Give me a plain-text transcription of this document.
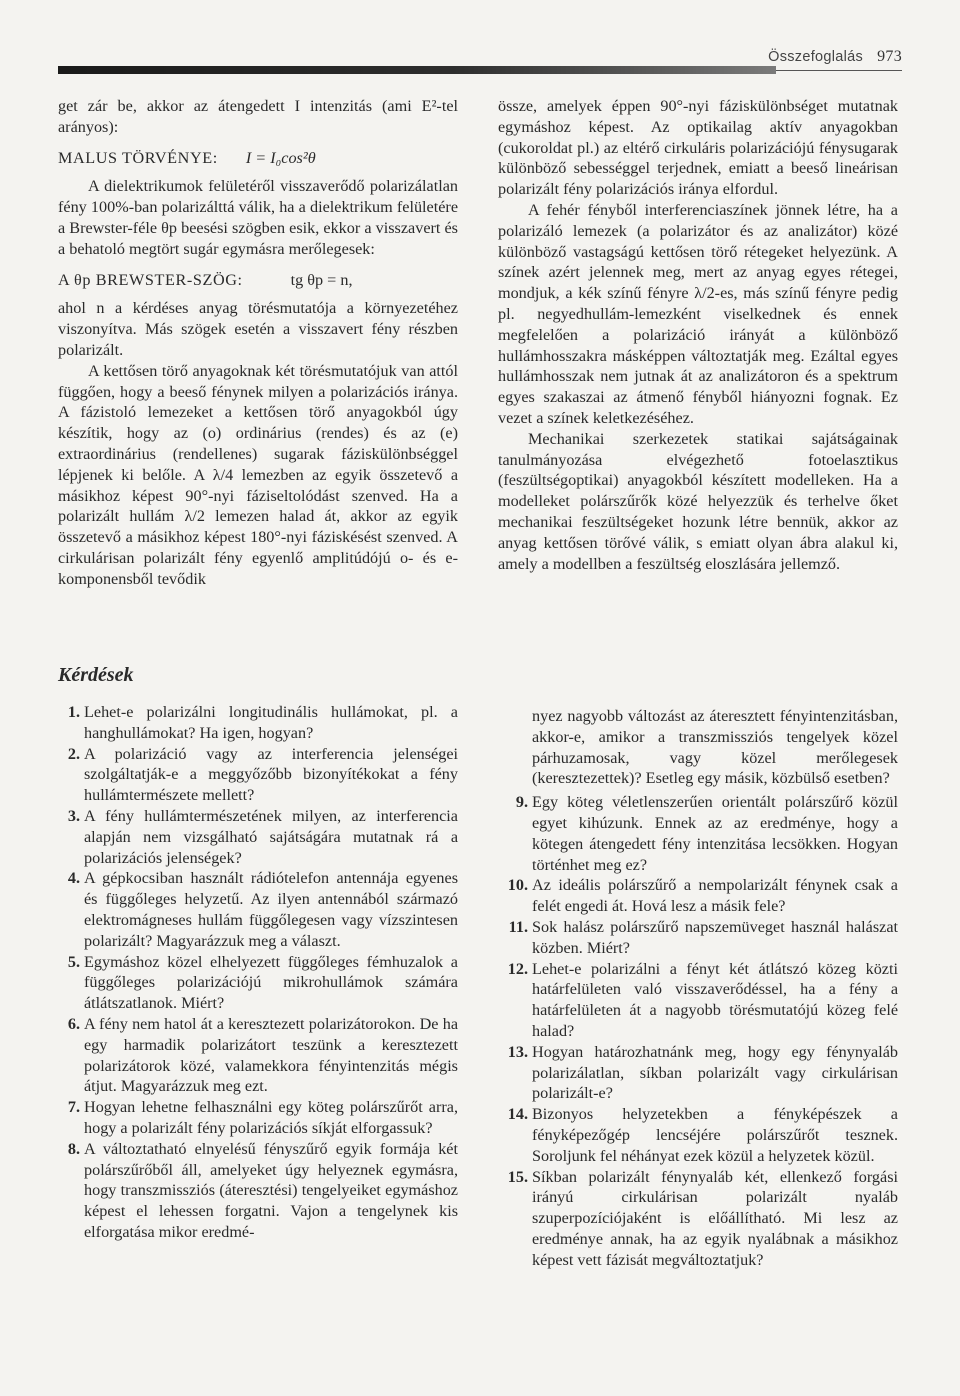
Összefoglalás 973

get zár be, akkor az átengedett I intenzitás (ami E²-tel arányos):

MALUS TÖRVÉNYE: I = I₀cos²θ

A dielektrikumok felületéről visszaverődő polarizálatlan fény 100%-ban polarizálttá válik, ha a dielektrikum felületére a Brewster-féle θp beesési szögben esik, ekkor a visszavert és a behatoló megtört sugár egymásra merőlegesek:

A θp BREWSTER-SZÖG:	tg θp = n,

ahol n a kérdéses anyag törésmutatója a környezetéhez viszonyítva. Más szögek esetén a visszavert fény részben polarizált.

A kettősen törő anyagoknak két törésmutatójuk van attól függően, hogy a beeső fénynek milyen a polarizációs iránya. A fázistoló lemezeket a kettősen törő anyagokból úgy készítik, hogy az (o) ordinárius (rendes) és az (e) extraordinárius (rendellenes) sugarak fáziskülönbséggel lépjenek ki belőle. A λ/4 lemezben az egyik összetevő a másikhoz képest 90°-nyi fáziseltolódást szenved. Ha a polarizált hullám λ/2 lemezen halad át, akkor az egyik összetevő a másikhoz képest 180°-nyi fáziskésést szenved. A cirkulárisan polarizált fény egyenlő amplitúdójú o- és e-komponensből tevődik

össze, amelyek éppen 90°-nyi fáziskülönbséget mutatnak egymáshoz képest. Az optikailag aktív anyagokban (cukoroldat pl.) az eltérő cirkuláris polarizációjú fénysugarak különböző sebességgel terjednek, emiatt a beeső lineárisan polarizált fény polarizációs iránya elfordul.

A fehér fényből interferenciaszínek jönnek létre, ha a polarizáló lemezek (a polarizátor és az analizátor) közé különböző vastagságú kettősen törő rétegeket helyezünk. A színek azért jelennek meg, mert az anyag egyes rétegei, mondjuk, a kék színű fényre λ/2-es, más színű fényre pedig pl. negyedhullám-lemezként viselkednek és ennek megfelelően a polarizáció irányát a különböző hullámhosszakra másképpen változtatják meg. Ezáltal egyes hullámhosszak nem jutnak át az analizátoron és a spektrum egyes szakaszai az átmenő fényből hiányozni fognak. Ez vezet a színek keletkezéséhez.

Mechanikai szerkezetek statikai sajátságainak tanulmányozása elvégezhető fotoelasztikus (feszültségoptikai) anyagokból készített modelleken. Ha a modelleket polárszűrők közé helyezzük és terhelve őket mechanikai feszültségeket hozunk létre bennük, akkor az anyag kettősen törővé válik, s emiatt olyan ábra alakul ki, amely a modellben a feszültség eloszlására jellemző.

Kérdések
1. Lehet-e polarizálni longitudinális hullámokat, pl. a hanghullámokat? Ha igen, hogyan?
2. A polarizáció vagy az interferencia jelenségei szolgáltatják-e a meggyőzőbb bizonyítékokat a fény hullámtermészete mellett?
3. A fény hullámtermészetének milyen, az interferencia alapján nem vizsgálható sajátságára mutatnak rá a polarizációs jelenségek?
4. A gépkocsiban használt rádiótelefon antennája egyenes és függőleges helyzetű. Az ilyen antennából származó elektromágneses hullám függőlegesen vagy vízszintesen polarizált? Magyarázzuk meg a választ.
5. Egymáshoz közel elhelyezett függőleges fémhuzalok a függőleges polarizációjú mikrohullámok számára átlátszatlanok. Miért?
6. A fény nem hatol át a keresztezett polarizátorokon. De ha egy harmadik polarizátort teszünk a keresztezett polarizátorok közé, valamekkora fényintenzitás mégis átjut. Magyarázzuk meg ezt.
7. Hogyan lehetne felhasználni egy köteg polárszűrőt arra, hogy a polarizált fény polarizációs síkját elforgassuk?
8. A változtatható elnyelésű fényszűrő egyik formája két polárszűrőből áll, amelyeket úgy helyeznek egymásra, hogy transzmissziós (áteresztési) tengelyeiket egymáshoz képest el lehessen forgatni. Vajon a tengelynek kis elforgatása mikor eredmé-

nyez nagyobb változást az áteresztett fényintenzitásban, akkor-e, amikor a transzmissziós tengelyek közel párhuzamosak, vagy közel merőlegesek (keresztezettek)? Esetleg egy másik, közbülső esetben?

9. Egy köteg véletlenszerűen orientált polárszűrő közül egyet kihúzunk. Ennek az az eredménye, hogy a kötegen átengedett fény intenzitása lecsökken. Hogyan történhet meg ez?
10. Az ideális polárszűrő a nempolarizált fénynek csak a felét engedi át. Hová lesz a másik fele?
11. Sok halász polárszűrő napszemüveget használ halászat közben. Miért?
12. Lehet-e polarizálni a fényt két átlátszó közeg közti határfelületen való visszaverődéssel, ha a fény a határfelületen át a nagyobb törésmutatójú közeg felé halad?
13. Hogyan határozhatnánk meg, hogy egy fénynyaláb polarizálatlan, síkban polarizált vagy cirkulárisan polarizált-e?
14. Bizonyos helyzetekben a fényképészek a fényképezőgép lencséjére polárszűrőt tesznek. Soroljunk fel néhányat ezek közül a helyzetek közül.
15. Síkban polarizált fénynyaláb két, ellenkező forgási irányú cirkulárisan polarizált nyaláb szuperpozíciójaként is előállítható. Mi lesz az eredménye annak, ha az egyik nyalábnak a másikhoz képest vett fázisát megváltoztatjuk?
